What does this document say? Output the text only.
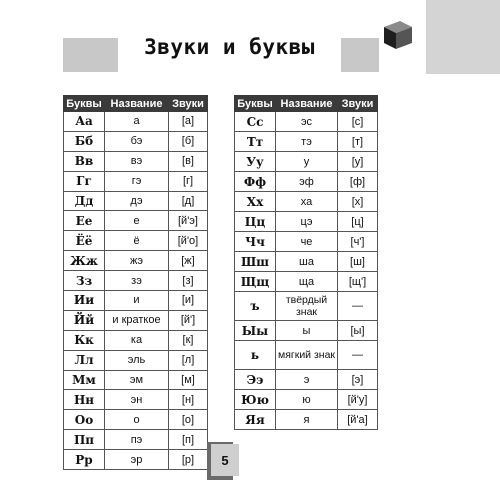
Звуки и буквы
Буквы	Название	Звуки
Аа	а	[а]
Бб	бэ	[б]
Вв	вэ	[в]
Гг	гэ	[г]
Дд	дэ	[д]
Ее	е	[й'э]
Ёё	ё	[й'о]
Жж	жэ	[ж]
Зз	зэ	[з]
Ии	и	[и]
Йй	и краткое	[й']
Кк	ка	[к]
Лл	эль	[л]
Мм	эм	[м]
Нн	эн	[н]
Оо	о	[о]
Пп	пэ	[п]
Рр	эр	[р]
Буквы	Название	Звуки
Сс	эс	[с]
Тт	тэ	[т]
Уу	у	[у]
Фф	эф	[ф]
Хх	ха	[х]
Цц	цэ	[ц]
Чч	че	[ч']
Шш	ша	[ш]
Щщ	ща	[щ']
ъ	твёрдый знак	—
Ыы	ы	[ы]
ь	мягкий знак	—
Ээ	э	[э]
Юю	ю	[й'у]
Яя	я	[й'а]
5
